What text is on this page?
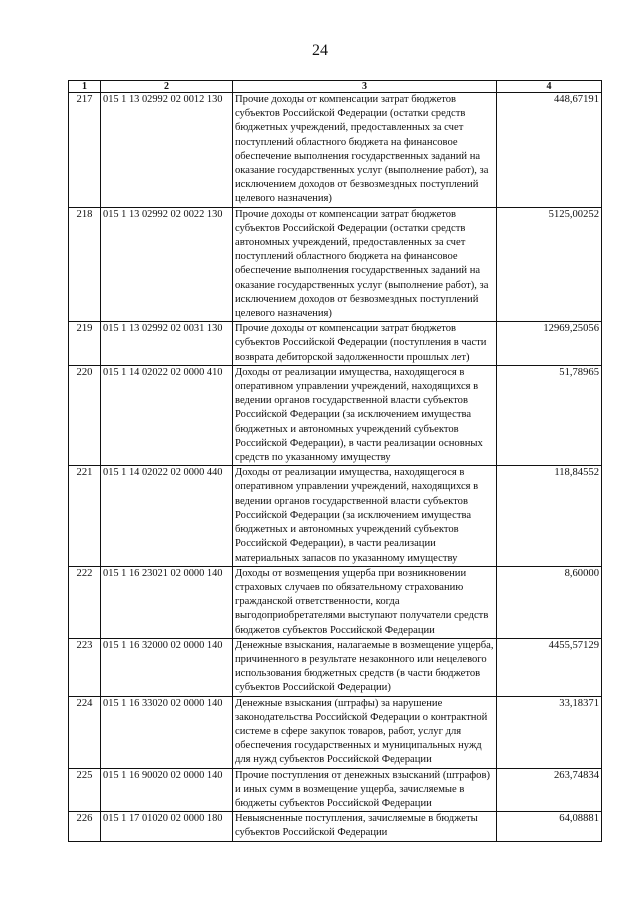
24
1	2	3	4
217	015 1 13 02992 02 0012 130	Прочие доходы от компенсации затрат бюджетов субъектов Российской Федерации (остатки средств бюджетных учреждений, предоставленных за счет поступлений областного бюджета на финансовое обеспечение выполнения государственных заданий на оказание государственных услуг (выполнение работ), за исключением доходов от безвозмездных поступлений целевого назначения)	448,67191
218	015 1 13 02992 02 0022 130	Прочие доходы от компенсации затрат бюджетов субъектов Российской Федерации (остатки средств автономных учреждений, предоставленных за счет поступлений областного бюджета на финансовое обеспечение выполнения государственных заданий на оказание государственных услуг (выполнение работ), за исключением доходов от безвозмездных поступлений целевого назначения)	5125,00252
219	015 1 13 02992 02 0031 130	Прочие доходы от компенсации затрат бюджетов субъектов Российской Федерации (поступления в части возврата дебиторской задолженности прошлых лет)	12969,25056
220	015 1 14 02022 02 0000 410	Доходы от реализации имущества, находящегося в оперативном управлении учреждений, находящихся в ведении органов государственной власти субъектов Российской Федерации (за исключением имущества бюджетных и автономных учреждений субъектов Российской Федерации), в части реализации основных средств по указанному имуществу	51,78965
221	015 1 14 02022 02 0000 440	Доходы от реализации имущества, находящегося в оперативном управлении учреждений, находящихся в ведении органов государственной власти субъектов Российской Федерации (за исключением имущества бюджетных и автономных учреждений субъектов Российской Федерации), в части реализации материальных запасов по указанному имуществу	118,84552
222	015 1 16 23021 02 0000 140	Доходы от возмещения ущерба при возникновении страховых случаев по обязательному страхованию гражданской ответственности, когда выгодоприобретателями выступают получатели средств бюджетов субъектов Российской Федерации	8,60000
223	015 1 16 32000 02 0000 140	Денежные взыскания, налагаемые в возмещение ущерба, причиненного в результате незаконного или нецелевого использования бюджетных средств (в части бюджетов субъектов Российской Федерации)	4455,57129
224	015 1 16 33020 02 0000 140	Денежные взыскания (штрафы) за нарушение законодательства Российской Федерации о контрактной системе в сфере закупок товаров, работ, услуг для обеспечения государственных и муниципальных нужд для нужд субъектов Российской Федерации	33,18371
225	015 1 16 90020 02 0000 140	Прочие поступления от денежных взысканий (штрафов) и иных сумм в возмещение ущерба, зачисляемые в бюджеты субъектов Российской Федерации	263,74834
226	015 1 17 01020 02 0000 180	Невыясненные поступления, зачисляемые в бюджеты субъектов Российской Федерации	64,08881
